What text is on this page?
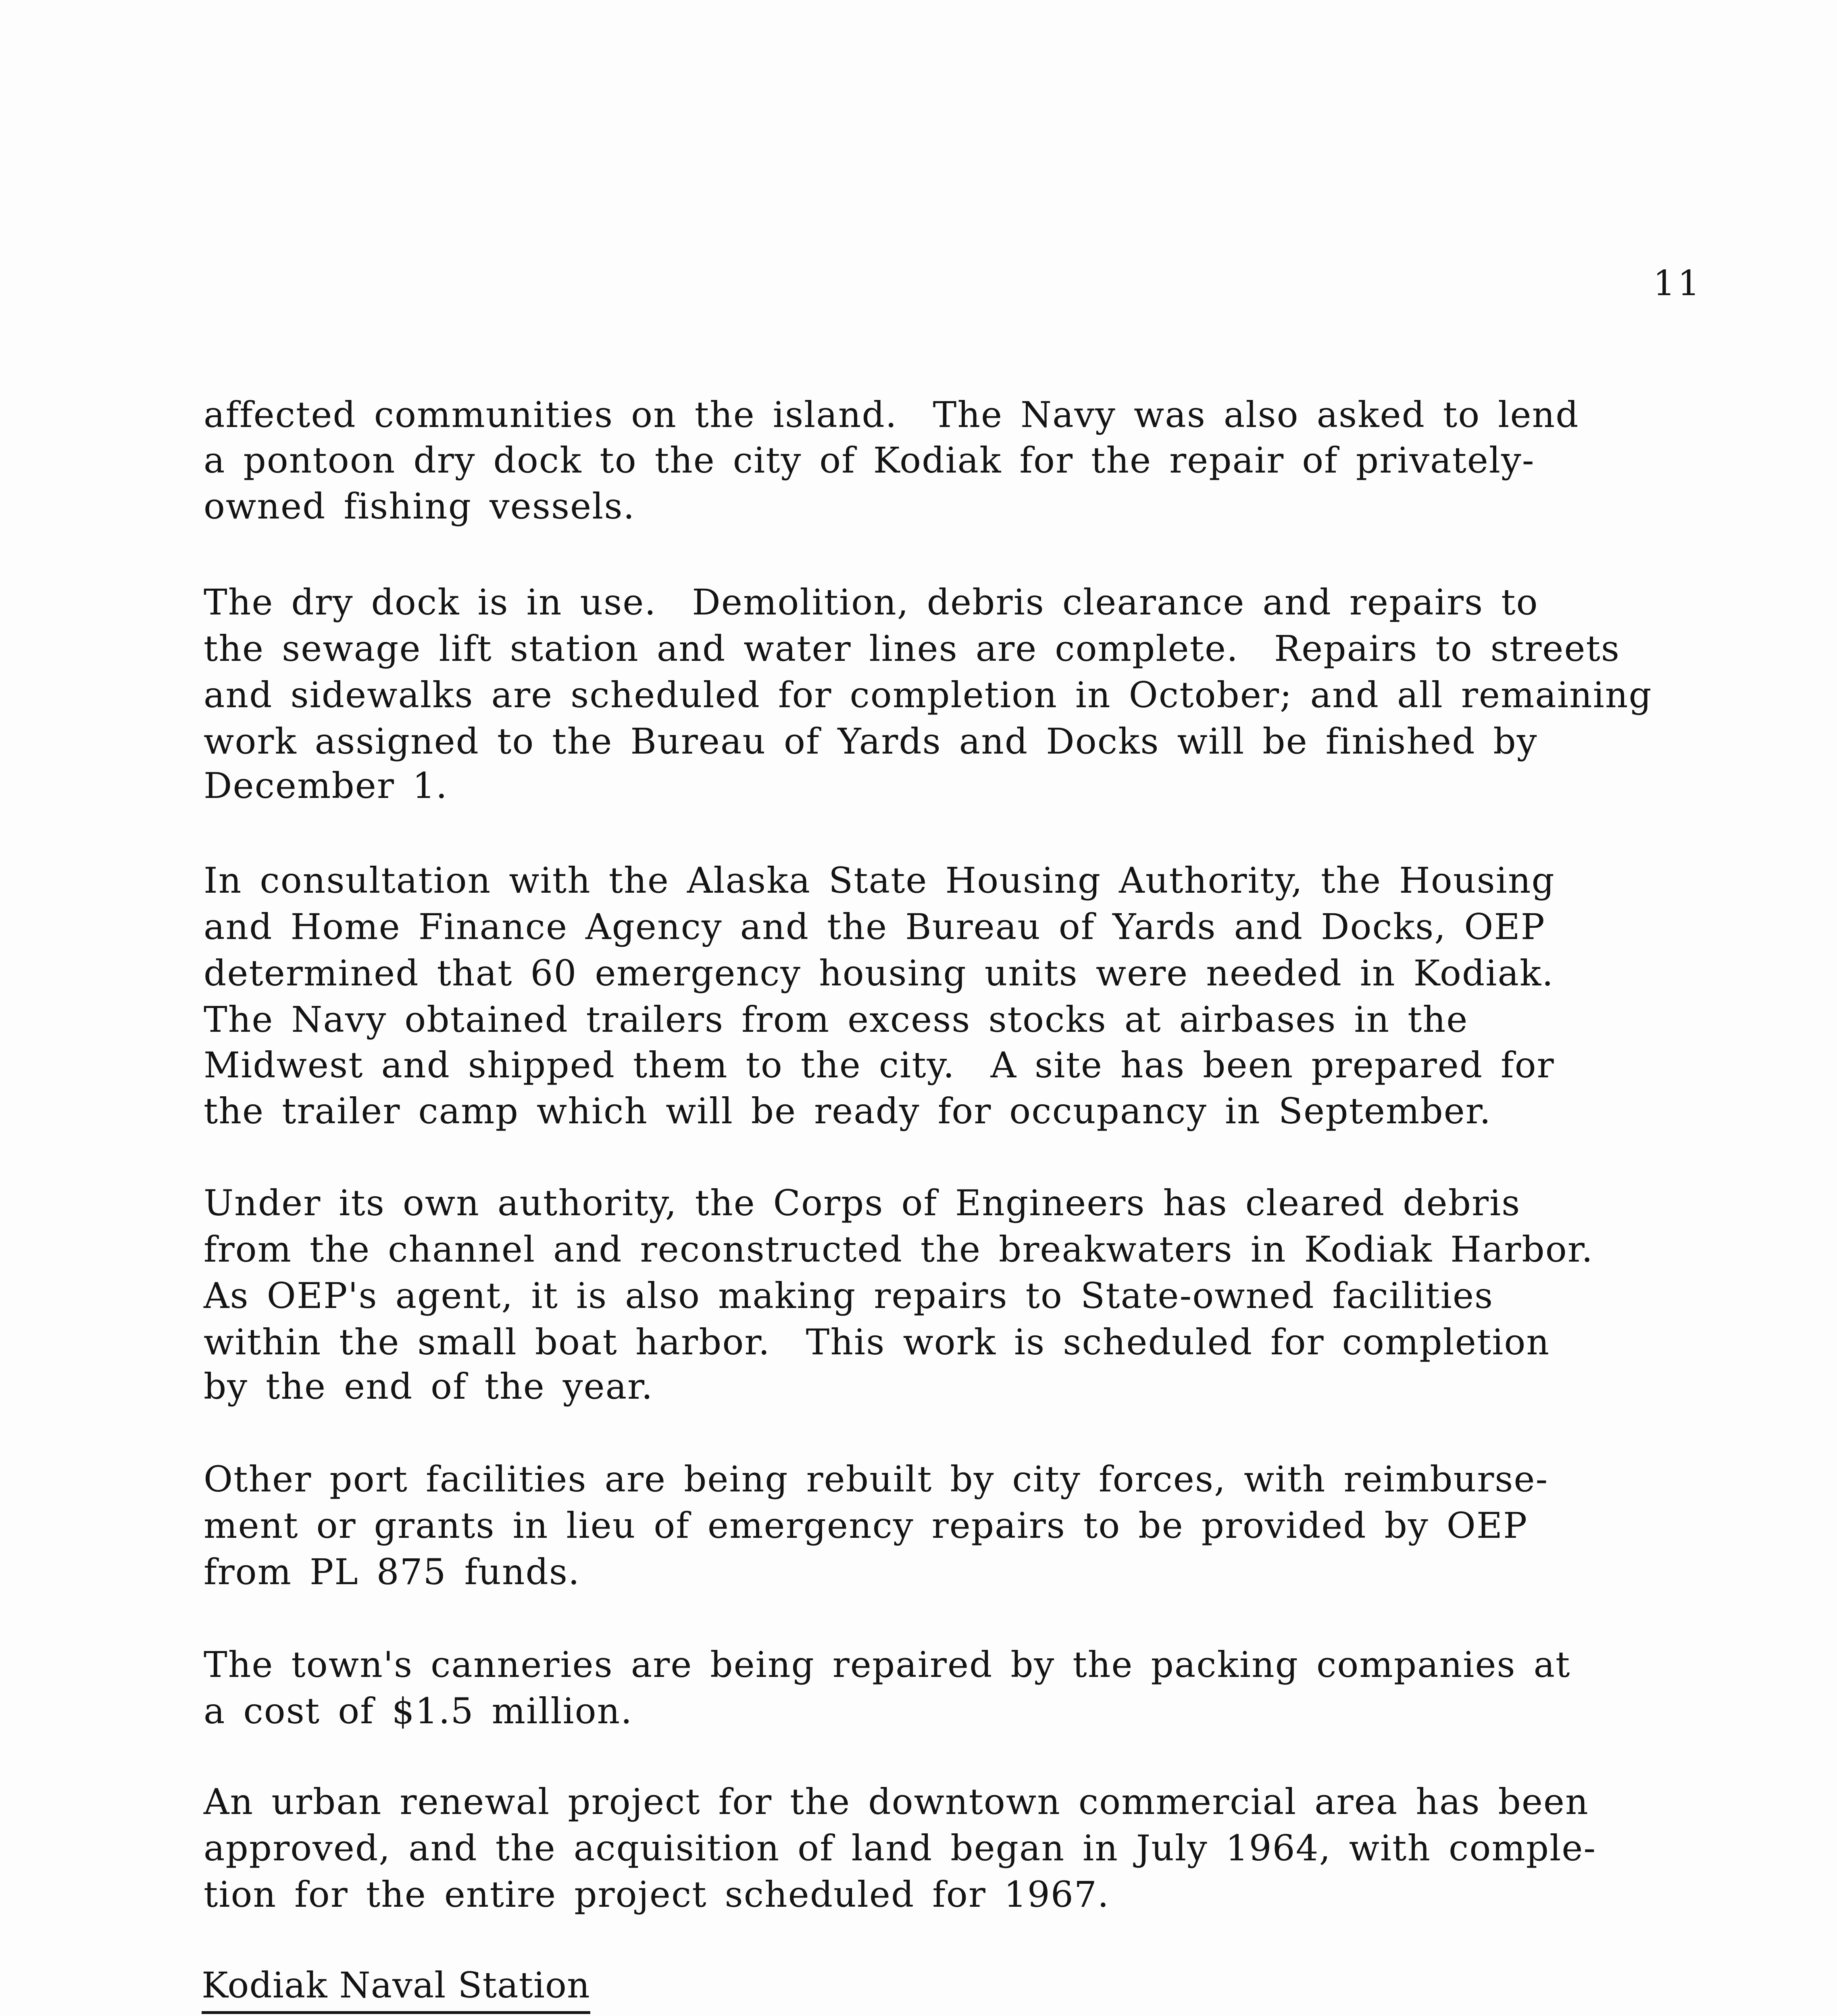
11
affected communities on the island.  The Navy was also asked to lend
a pontoon dry dock to the city of Kodiak for the repair of privately-
owned fishing vessels.
The dry dock is in use.  Demolition, debris clearance and repairs to
the sewage lift station and water lines are complete.  Repairs to streets
and sidewalks are scheduled for completion in October; and all remaining
work assigned to the Bureau of Yards and Docks will be finished by
December 1.
In consultation with the Alaska State Housing Authority, the Housing
and Home Finance Agency and the Bureau of Yards and Docks, OEP
determined that 60 emergency housing units were needed in Kodiak.
The Navy obtained trailers from excess stocks at airbases in the
Midwest and shipped them to the city.  A site has been prepared for
the trailer camp which will be ready for occupancy in September.
Under its own authority, the Corps of Engineers has cleared debris
from the channel and reconstructed the breakwaters in Kodiak Harbor.
As OEP's agent, it is also making repairs to State-owned facilities
within the small boat harbor.  This work is scheduled for completion
by the end of the year.
Other port facilities are being rebuilt by city forces, with reimburse-
ment or grants in lieu of emergency repairs to be provided by OEP
from PL 875 funds.
The town's canneries are being repaired by the packing companies at
a cost of $1.5 million.
An urban renewal project for the downtown commercial area has been
approved, and the acquisition of land began in July 1964, with comple-
tion for the entire project scheduled for 1967.
Kodiak Naval Station
